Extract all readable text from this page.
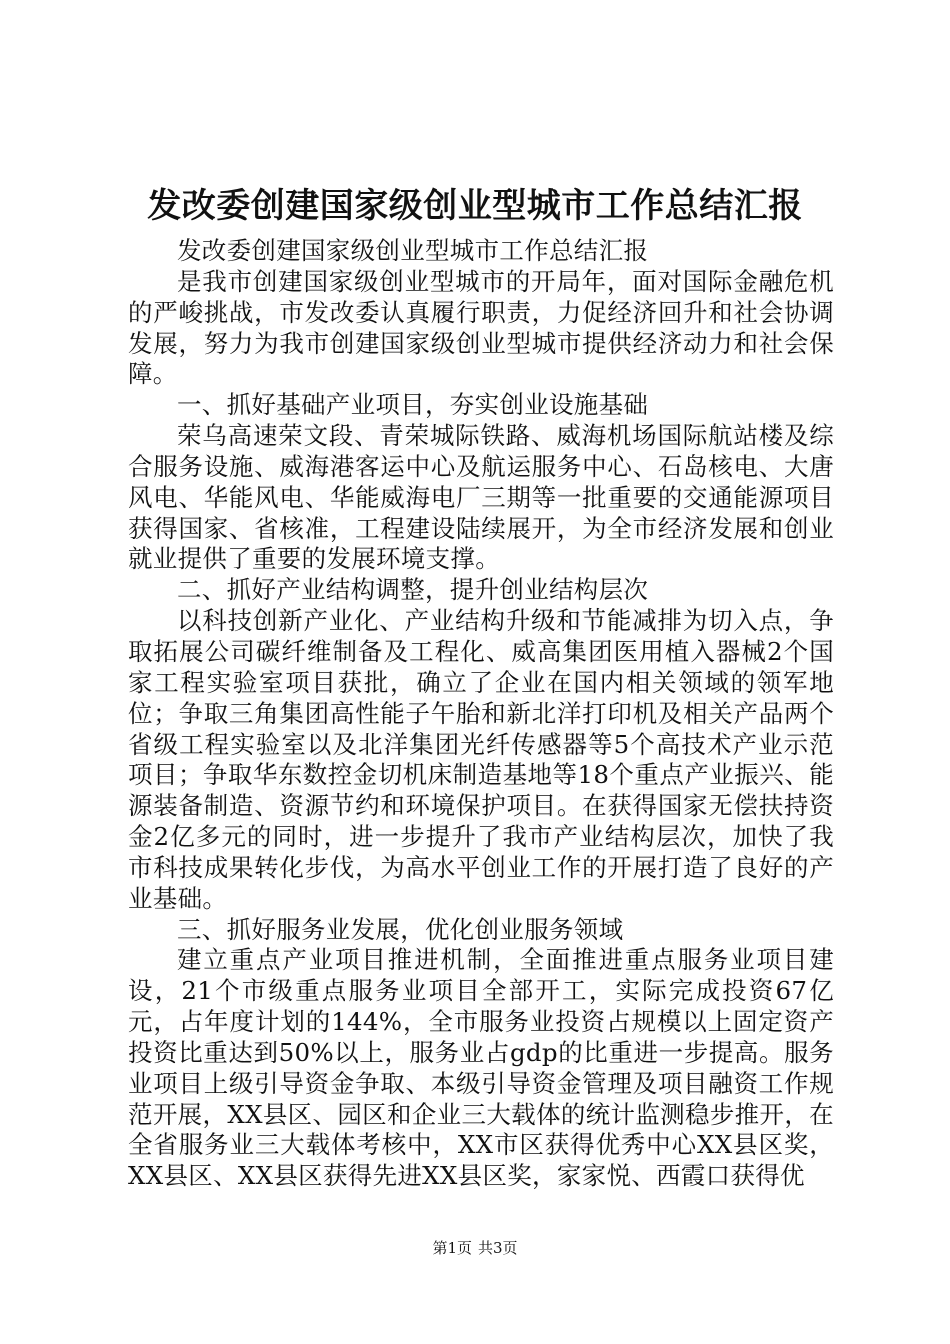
发改委创建国家级创业型城市工作总结汇报

发改委创建国家级创业型城市工作总结汇报

是我市创建国家级创业型城市的开局年，面对国际金融危机的严峻挑战，市发改委认真履行职责，力促经济回升和社会协调发展，努力为我市创建国家级创业型城市提供经济动力和社会保障。

一、抓好基础产业项目，夯实创业设施基础

荣乌高速荣文段、青荣城际铁路、威海机场国际航站楼及综合服务设施、威海港客运中心及航运服务中心、石岛核电、大唐风电、华能风电、华能威海电厂三期等一批重要的交通能源项目获得国家、省核准，工程建设陆续展开，为全市经济发展和创业就业提供了重要的发展环境支撑。

二、抓好产业结构调整，提升创业结构层次

以科技创新产业化、产业结构升级和节能减排为切入点，争取拓展公司碳纤维制备及工程化、威高集团医用植入器械2个国家工程实验室项目获批，确立了企业在国内相关领域的领军地位；争取三角集团高性能子午胎和新北洋打印机及相关产品两个省级工程实验室以及北洋集团光纤传感器等5个高技术产业示范项目；争取华东数控金切机床制造基地等18个重点产业振兴、能源装备制造、资源节约和环境保护项目。在获得国家无偿扶持资金2亿多元的同时，进一步提升了我市产业结构层次，加快了我市科技成果转化步伐，为高水平创业工作的开展打造了良好的产业基础。

三、抓好服务业发展，优化创业服务领域

建立重点产业项目推进机制，全面推进重点服务业项目建设，21个市级重点服务业项目全部开工，实际完成投资67亿元，占年度计划的144%，全市服务业投资占规模以上固定资产投资比重达到50%以上，服务业占gdp的比重进一步提高。服务业项目上级引导资金争取、本级引导资金管理及项目融资工作规范开展，XX县区、园区和企业三大载体的统计监测稳步推开，在全省服务业三大载体考核中，XX市区获得优秀中心XX县区奖，XX县区、XX县区获得先进XX县区奖，家家悦、西霞口获得优

第1页 共3页
